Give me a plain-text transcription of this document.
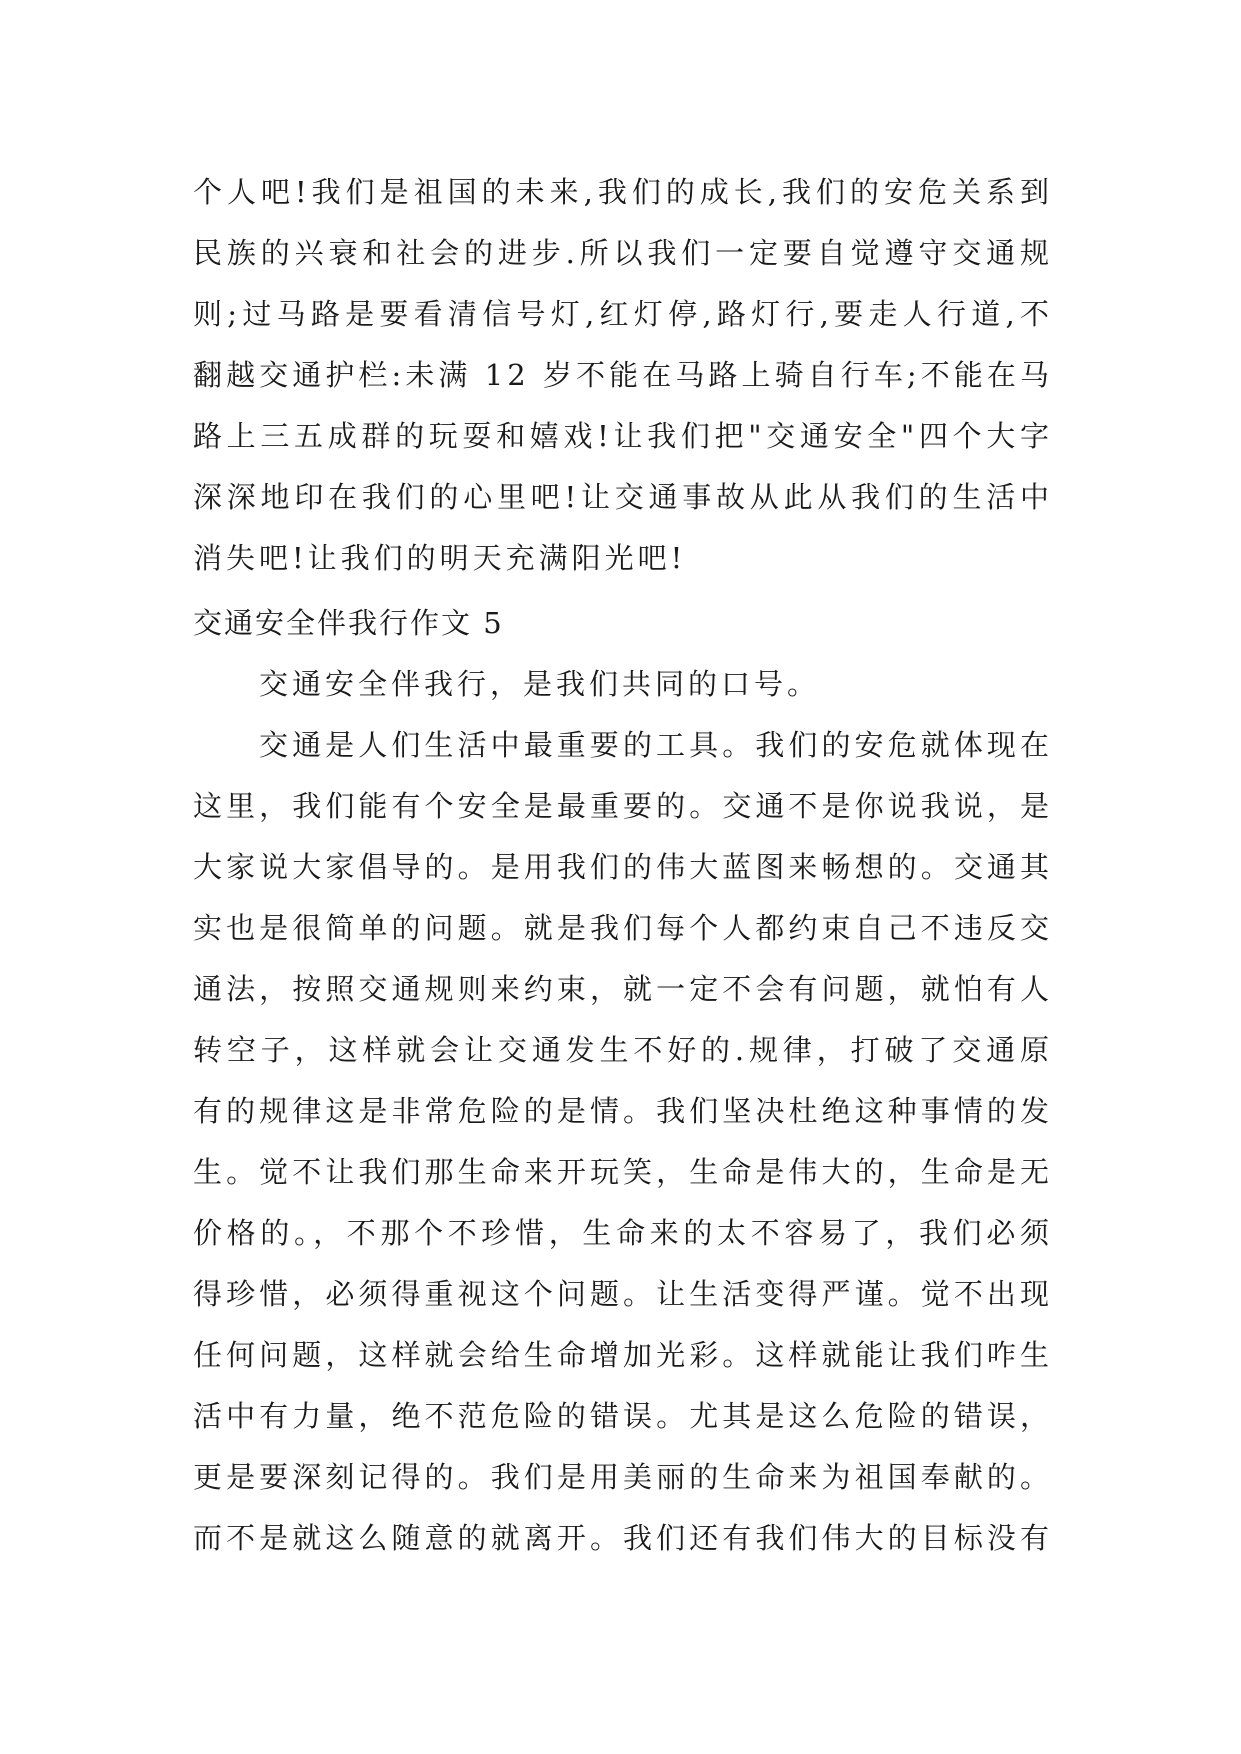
个人吧!我们是祖国的未来,我们的成长,我们的安危关系到
民族的兴衰和社会的进步.所以我们一定要自觉遵守交通规
则;过马路是要看清信号灯,红灯停,路灯行,要走人行道,不
翻越交通护栏:未满 12 岁不能在马路上骑自行车;不能在马
路上三五成群的玩耍和嬉戏!让我们把"交通安全"四个大字
深深地印在我们的心里吧!让交通事故从此从我们的生活中
消失吧!让我们的明天充满阳光吧!
交通安全伴我行作文 5
交通安全伴我行，是我们共同的口号。
交通是人们生活中最重要的工具。我们的安危就体现在
这里，我们能有个安全是最重要的。交通不是你说我说，是
大家说大家倡导的。是用我们的伟大蓝图来畅想的。交通其
实也是很简单的问题。就是我们每个人都约束自己不违反交
通法，按照交通规则来约束，就一定不会有问题，就怕有人
转空子，这样就会让交通发生不好的.规律，打破了交通原
有的规律这是非常危险的是情。我们坚决杜绝这种事情的发
生。觉不让我们那生命来开玩笑，生命是伟大的，生命是无
价格的。，不那个不珍惜，生命来的太不容易了，我们必须
得珍惜，必须得重视这个问题。让生活变得严谨。觉不出现
任何问题，这样就会给生命增加光彩。这样就能让我们咋生
活中有力量，绝不范危险的错误。尤其是这么危险的错误，
更是要深刻记得的。我们是用美丽的生命来为祖国奉献的。
而不是就这么随意的就离开。我们还有我们伟大的目标没有
